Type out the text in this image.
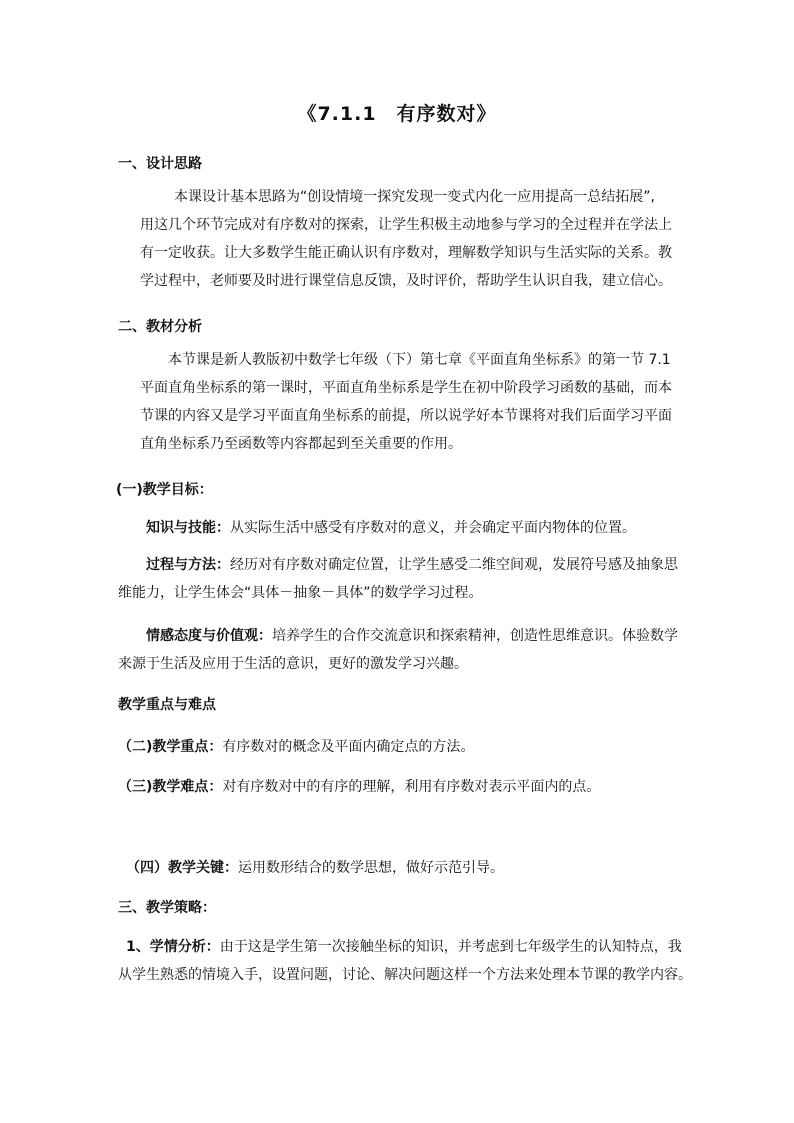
《7.1.1　有序数对》
一、设计思路
本课设计基本思路为“创设情境一探究发现一变式内化一应用提高一总结拓展”,
用这几个环节完成对有序数对的探索，让学生积极主动地参与学习的全过程并在学法上
有一定收获。让大多数学生能正确认识有序数对，理解数学知识与生活实际的关系。教
学过程中，老师要及时进行课堂信息反馈，及时评价，帮助学生认识自我，建立信心。
二、教材分析
本节课是新人教版初中数学七年级（下）第七章《平面直角坐标系》的第一节 7.1
平面直角坐标系的第一课时，平面直角坐标系是学生在初中阶段学习函数的基础，而本
节课的内容又是学习平面直角坐标系的前提，所以说学好本节课将对我们后面学习平面
直角坐标系乃至函数等内容都起到至关重要的作用。
(一)教学目标：
知识与技能：从实际生活中感受有序数对的意义，并会确定平面内物体的位置。
过程与方法：经历对有序数对确定位置，让学生感受二维空间观，发展符号感及抽象思
维能力，让学生体会“具体－抽象－具体”的数学学习过程。
情感态度与价值观：培养学生的合作交流意识和探索精神，创造性思维意识。体验数学
来源于生活及应用于生活的意识，更好的激发学习兴趣。
教学重点与难点
（二)教学重点：有序数对的概念及平面内确定点的方法。
（三)教学难点：对有序数对中的有序的理解，利用有序数对表示平面内的点。
（四）教学关键：运用数形结合的数学思想，做好示范引导。
三、教学策略：
1、学情分析：由于这是学生第一次接触坐标的知识，并考虑到七年级学生的认知特点，我
从学生熟悉的情境入手，设置问题，讨论、解决问题这样一个方法来处理本节课的教学内容。
